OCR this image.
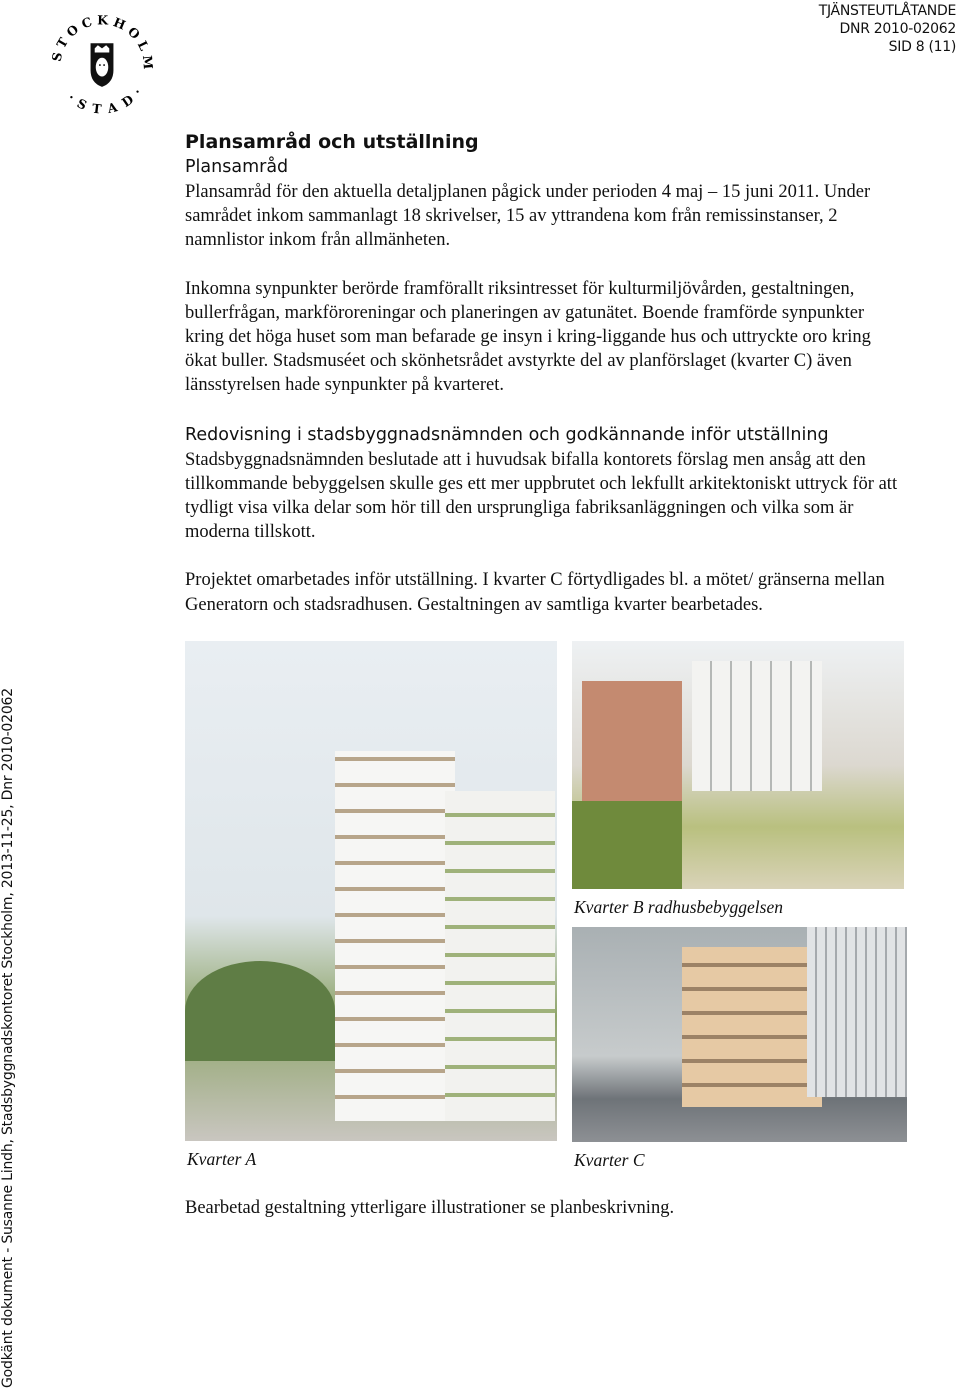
TJÄNSTEUTLÅTANDE
DNR 2010-02062
SID 8 (11)
S T O C K H O L
· S T A D ·
Godkänt dokument - Susanne Lindh, Stadsbyggnadskontoret Stockholm, 2013-11-25, Dnr 2010-02062
Plansamråd och utställning
Plansamråd

Plansamråd för den aktuella detaljplanen pågick under perioden 4 maj – 15 juni 2011. Under samrådet inkom sammanlagt 18 skrivelser, 15 av yttrandena kom från remissinstanser, 2 namnlistor inkom från allmänheten.

Inkomna synpunkter berörde framförallt riksintresset för kulturmiljövården, gestaltningen, bullerfrågan, markföroreningar och planeringen av gatunätet. Boende framförde synpunkter kring det höga huset som man befarade ge insyn i kring-liggande hus och uttryckte oro kring ökat buller. Stadsmuséet och skönhetsrådet avstyrkte del av planförslaget (kvarter C) även länsstyrelsen hade synpunkter på kvarteret.

Redovisning i stadsbyggnadsnämnden och godkännande inför utställning

Stadsbyggnadsnämnden beslutade att i huvudsak bifalla kontorets förslag men ansåg att den tillkommande bebyggelsen skulle ges ett mer uppbrutet och lekfullt arkitektoniskt uttryck för att tydligt visa vilka delar som hör till den ursprungliga fabriksanläggningen och vilka som är moderna tillskott.

Projektet omarbetades inför utställning. I kvarter C förtydligades bl. a mötet/ gränserna mellan Generatorn och stadsradhusen. Gestaltningen av samtliga kvarter bearbetades.

Kvarter A
Kvarter B radhusbebyggelsen
Kvarter C

Bearbetad gestaltning ytterligare illustrationer se planbeskrivning.
